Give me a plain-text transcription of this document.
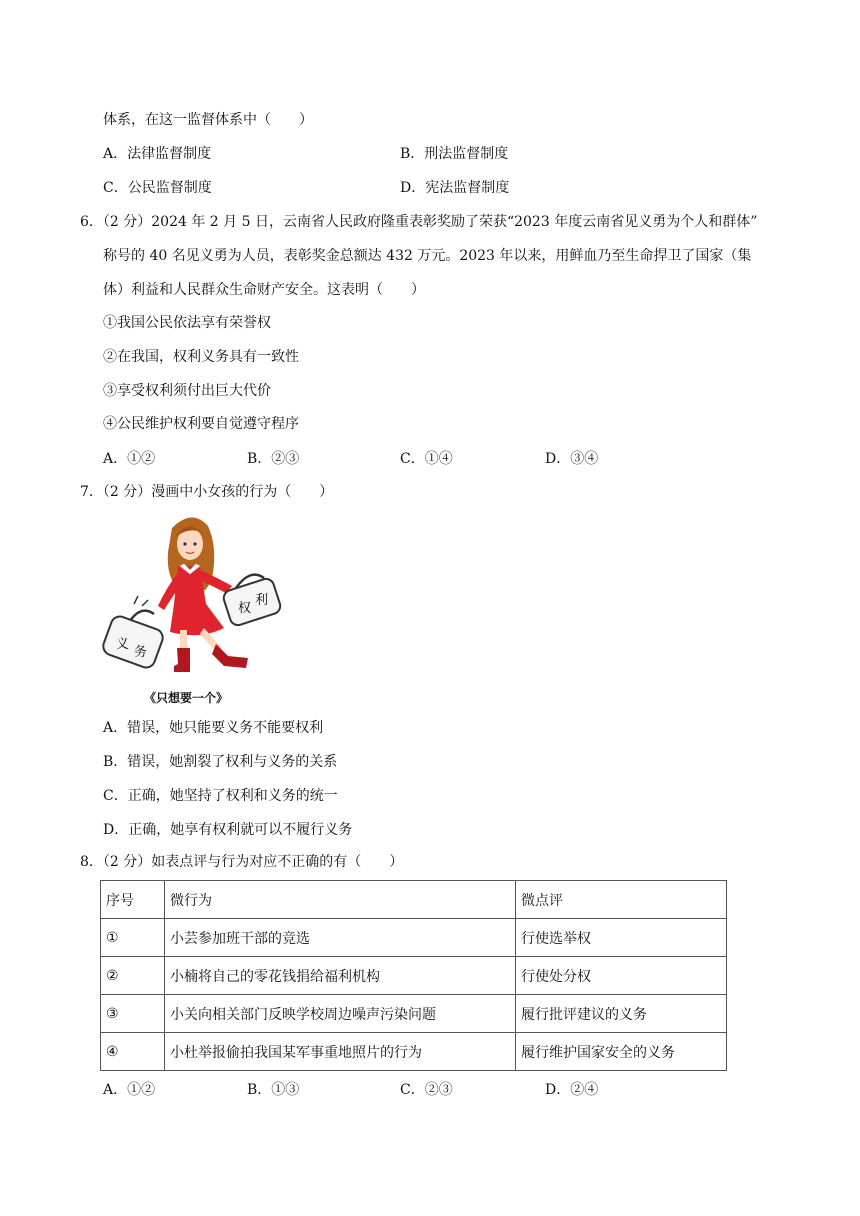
体系，在这一监督体系中（　　）
A．法律监督制度	B．刑法监督制度
C．公民监督制度	D．宪法监督制度
6．（2 分）2024 年 2 月 5 日，云南省人民政府隆重表彰奖励了荣获“2023 年度云南省见义勇为个人和群体”
称号的 40 名见义勇为人员，表彰奖金总额达 432 万元。2023 年以来，用鲜血乃至生命捍卫了国家（集
体）利益和人民群众生命财产安全。这表明（　　）
①我国公民依法享有荣誉权
②在我国，权利义务具有一致性
③享受权利须付出巨大代价
④公民维护权利要自觉遵守程序
A．①②	B．②③	C．①④	D．③④
7．（2 分）漫画中小女孩的行为（　　）
权
利
义
务
《只想要一个》
A．错误，她只能要义务不能要权利
B．错误，她割裂了权利与义务的关系
C．正确，她坚持了权利和义务的统一
D．正确，她享有权利就可以不履行义务
8．（2 分）如表点评与行为对应不正确的有（　　）
序号	微行为	微点评
①	小芸参加班干部的竞选	行使选举权
②	小楠将自己的零花钱捐给福利机构	行使处分权
③	小关向相关部门反映学校周边噪声污染问题	履行批评建议的义务
④	小杜举报偷拍我国某军事重地照片的行为	履行维护国家安全的义务
A．①②	B．①③	C．②③	D．②④
